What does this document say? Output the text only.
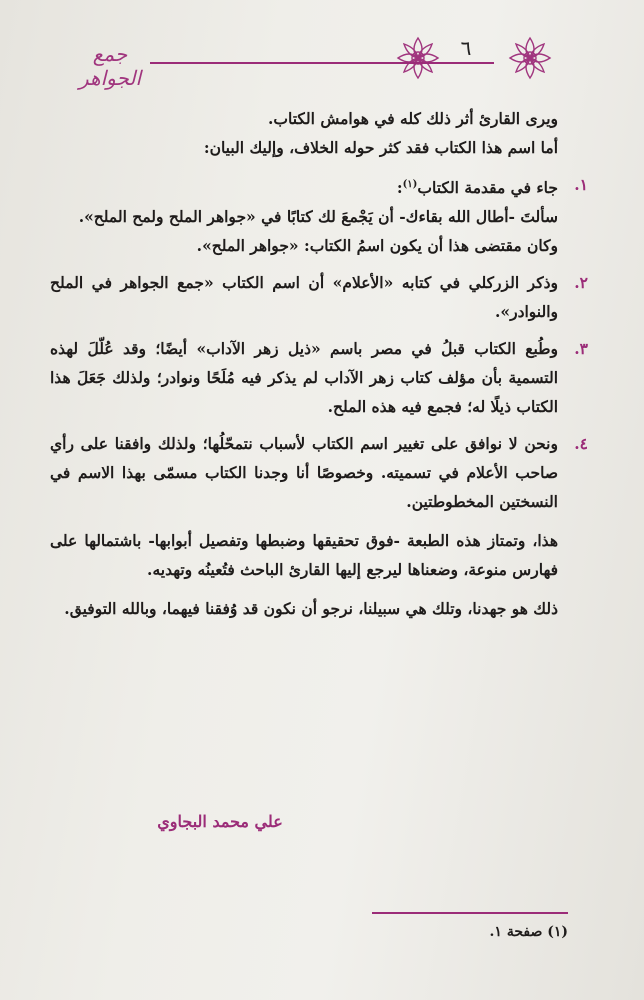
٦
جمع الجواهر

ويرى القارئ أثر ذلك كله في هوامش الكتاب.

أما اسم هذا الكتاب فقد كثر حوله الخلاف، وإليك البيان:

١.

جاء في مقدمة الكتاب$^{(١)}$:

سألتَ -أطال الله بقاءك- أن يَجْمعَ لك كتابًا في «جواهر الملح ولمح الملح».

وكان مقتضى هذا أن يكون اسمُ الكتاب: «جواهر الملح».

٢.

وذكر الزركلي في كتابه «الأعلام» أن اسم الكتاب «جمع الجواهر في الملح والنوادر».

٣.

وطُبع الكتاب قبلُ في مصر باسم «ذيل زهر الآداب» أيضًا؛ وقد عُلّلَ لهذه التسمية بأن مؤلف كتاب زهر الآداب لم يذكر فيه مُلَحًا ونوادر؛ ولذلك جَعَلَ هذا الكتاب ذيلًا له؛ فجمع فيه هذه الملح.

٤.

ونحن لا نوافق على تغيير اسم الكتاب لأسباب نتمحّلُها؛ ولذلك وافقنا على رأي صاحب الأعلام في تسميته. وخصوصًا أنا وجدنا الكتاب مسمّى بهذا الاسم في النسختين المخطوطتين.

هذا، وتمتاز هذه الطبعة -فوق تحقيقها وضبطها وتفصيل أبوابها- باشتمالها على فهارس منوعة، وضعناها ليرجع إليها القارئ الباحث فتُعينُه وتهديه.

ذلك هو جهدنا، وتلك هي سبيلنا، نرجو أن نكون قد وُفقنا فيهما، وبالله التوفيق.

علي محمد البجاوي
(١) صفحة ١.
